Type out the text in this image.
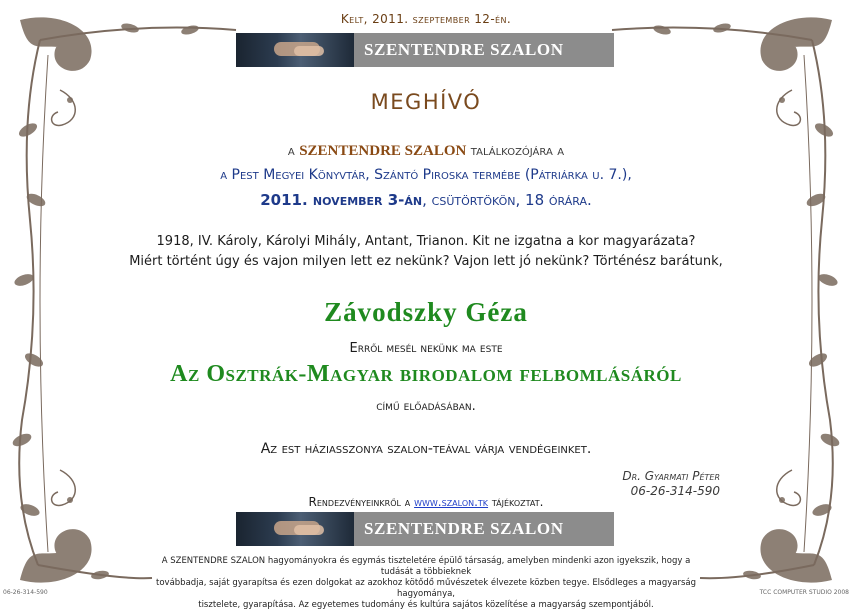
Kelt, 2011. szeptember 12-én.
SZENTENDRE SZALON
MEGHÍVÓ
a SZENTENDRE SZALON találkozójára a
a Pest Megyei Könyvtár, Szántó Piroska termébe (Pátriárka u. 7.),
2011. november 3-án, csütörtökön, 18 órára.
1918, IV. Károly, Károlyi Mihály, Antant, Trianon. Kit ne izgatna a kor magyarázata?
Miért történt úgy és vajon milyen lett ez nekünk? Vajon lett jó nekünk? Történész barátunk,
Závodszky Géza
Erről mesél nekünk ma este
Az Osztrák-Magyar birodalom felbomlásáról
című előadásában.
Az est háziasszonya szalon-teával várja vendégeinket.
Dr. Gyarmati Péter
06-26-314-590
Rendezvényeinkről a www.szalon.tk tájékoztat.
SZENTENDRE SZALON
A SZENTENDRE SZALON hagyományokra és egymás tiszteletére épülő társaság, amelyben mindenki azon igyekszik, hogy a tudását a többieknek
továbbadja, saját gyarapítsa és ezen dolgokat az azokhoz kötődő művészetek élvezete közben tegye. Elsődleges a magyarság hagyománya,
tisztelete, gyarapítása. Az egyetemes tudomány és kultúra sajátos közelítése a magyarság szempontjából.
06-26-314-590	TCC COMPUTER STUDIO 2008
